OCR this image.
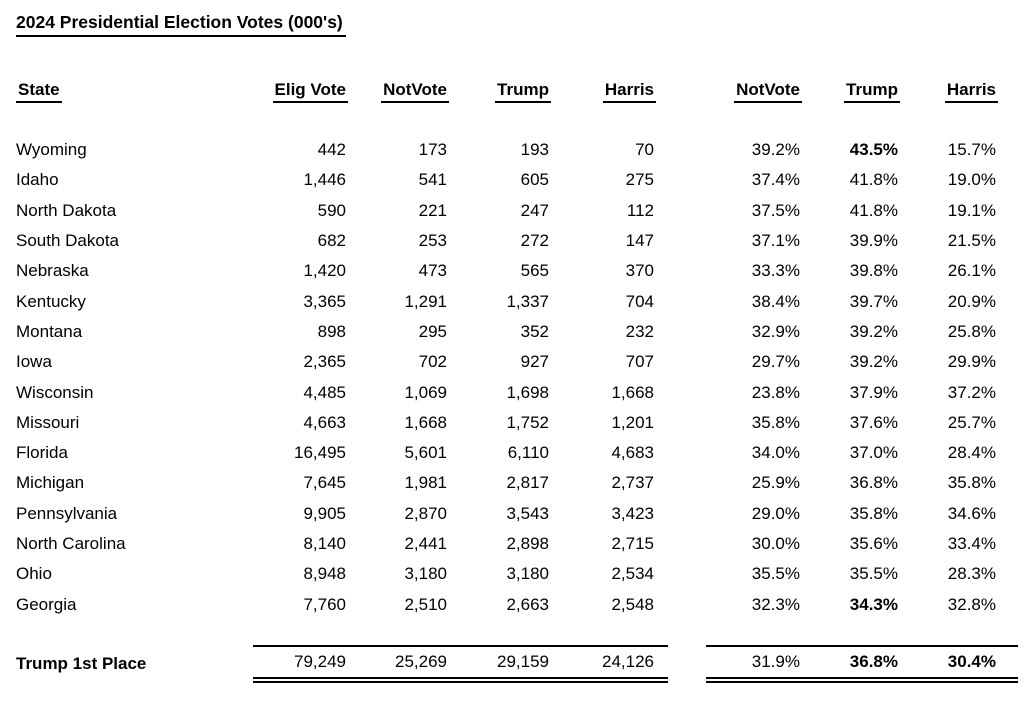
2024 Presidential Election Votes (000's)
State	Elig Vote	NotVote	Trump	Harris	NotVote	Trump	Harris
Wyoming	442	173	193	70	39.2%	43.5%	15.7%
Idaho	1,446	541	605	275	37.4%	41.8%	19.0%
North Dakota	590	221	247	112	37.5%	41.8%	19.1%
South Dakota	682	253	272	147	37.1%	39.9%	21.5%
Nebraska	1,420	473	565	370	33.3%	39.8%	26.1%
Kentucky	3,365	1,291	1,337	704	38.4%	39.7%	20.9%
Montana	898	295	352	232	32.9%	39.2%	25.8%
Iowa	2,365	702	927	707	29.7%	39.2%	29.9%
Wisconsin	4,485	1,069	1,698	1,668	23.8%	37.9%	37.2%
Missouri	4,663	1,668	1,752	1,201	35.8%	37.6%	25.7%
Florida	16,495	5,601	6,110	4,683	34.0%	37.0%	28.4%
Michigan	7,645	1,981	2,817	2,737	25.9%	36.8%	35.8%
Pennsylvania	9,905	2,870	3,543	3,423	29.0%	35.8%	34.6%
North Carolina	8,140	2,441	2,898	2,715	30.0%	35.6%	33.4%
Ohio	8,948	3,180	3,180	2,534	35.5%	35.5%	28.3%
Georgia	7,760	2,510	2,663	2,548	32.3%	34.3%	32.8%
Trump 1st Place	79,249	25,269	29,159	24,126	31.9%	36.8%	30.4%
